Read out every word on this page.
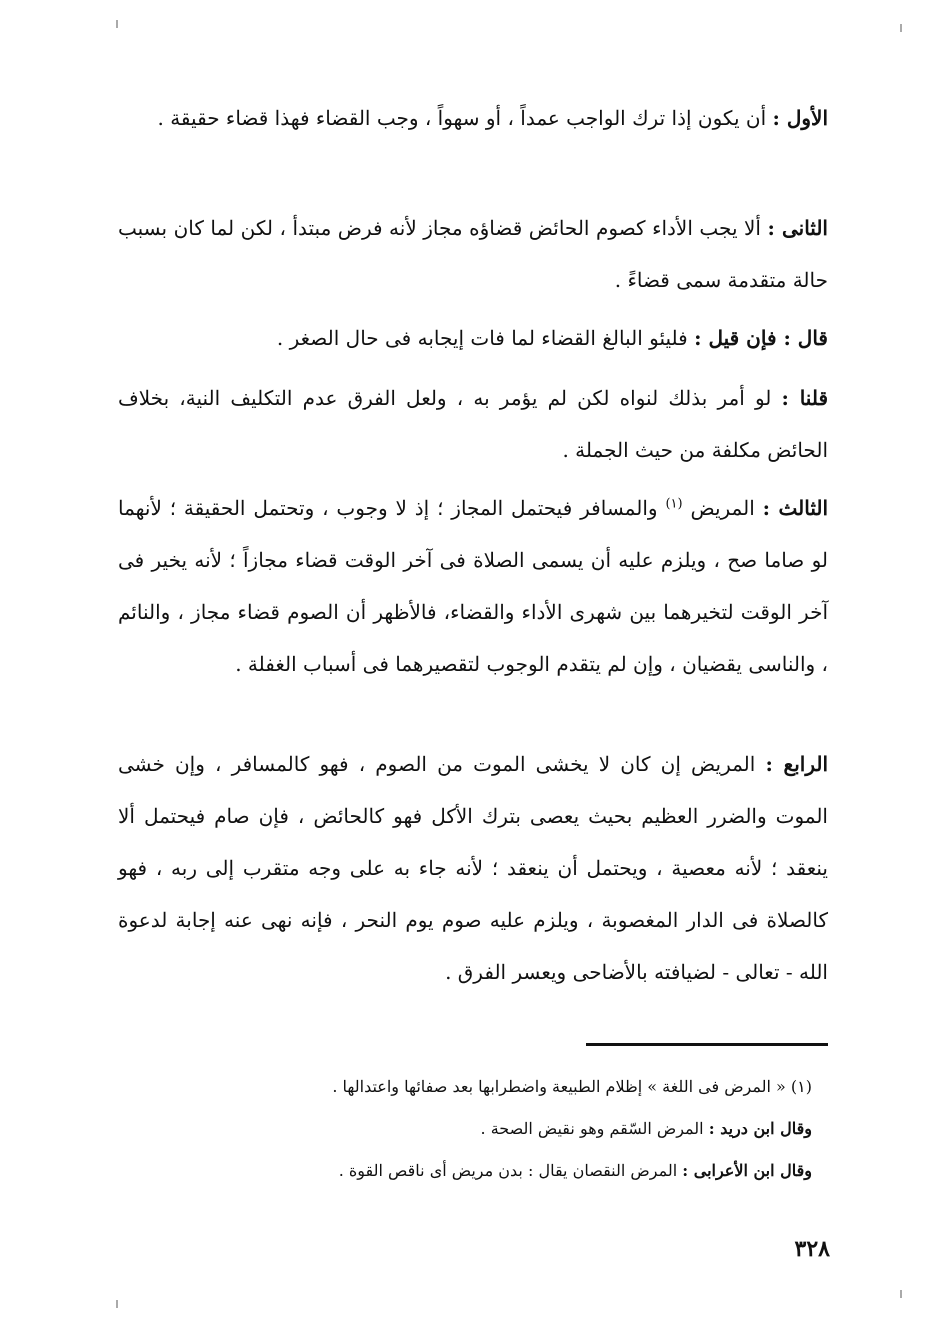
الأول : أن يكون إذا ترك الواجب عمداً ، أو سهواً ، وجب القضاء فهذا قضاء حقيقة .

الثانى : ألا يجب الأداء كصوم الحائض قضاؤه مجاز لأنه فرض مبتدأ ، لكن لما كان بسبب حالة متقدمة سمى قضاءً .

قال : فإن قيل : فليئو البالغ القضاء لما فات إيجابه فى حال الصغر .

قلنا : لو أمر بذلك لنواه لكن لم يؤمر به ، ولعل الفرق عدم التكليف النية، بخلاف الحائض مكلفة من حيث الجملة .

الثالث : المريض $^{(١)}$ والمسافر فيحتمل المجاز ؛ إذ لا وجوب ، وتحتمل الحقيقة ؛ لأنهما لو صاما صح ، ويلزم عليه أن يسمى الصلاة فى آخر الوقت قضاء مجازاً ؛ لأنه يخير فى آخر الوقت لتخيرهما بين شهرى الأداء والقضاء، فالأظهر أن الصوم قضاء مجاز ، والنائم ، والناسى يقضيان ، وإن لم يتقدم الوجوب لتقصيرهما فى أسباب الغفلة .

الرابع : المريض إن كان لا يخشى الموت من الصوم ، فهو كالمسافر ، وإن خشى الموت والضرر العظيم بحيث يعصى بترك الأكل فهو كالحائض ، فإن صام فيحتمل ألا ينعقد ؛ لأنه معصية ، ويحتمل أن ينعقد ؛ لأنه جاء به على وجه متقرب إلى ربه ، فهو كالصلاة فى الدار المغصوبة ، ويلزم عليه صوم يوم النحر ، فإنه نهى عنه إجابة لدعوة الله - تعالى - لضيافته بالأضاحى ويعسر الفرق .

(١) « المرض فى اللغة » إظلام الطبيعة واضطرابها بعد صفائها واعتدالها .

وقال ابن دريد : المرض السّقم وهو نقيض الصحة .

وقال ابن الأعرابى : المرض النقصان يقال : بدن مريض أى ناقص القوة .

٣٢٨
